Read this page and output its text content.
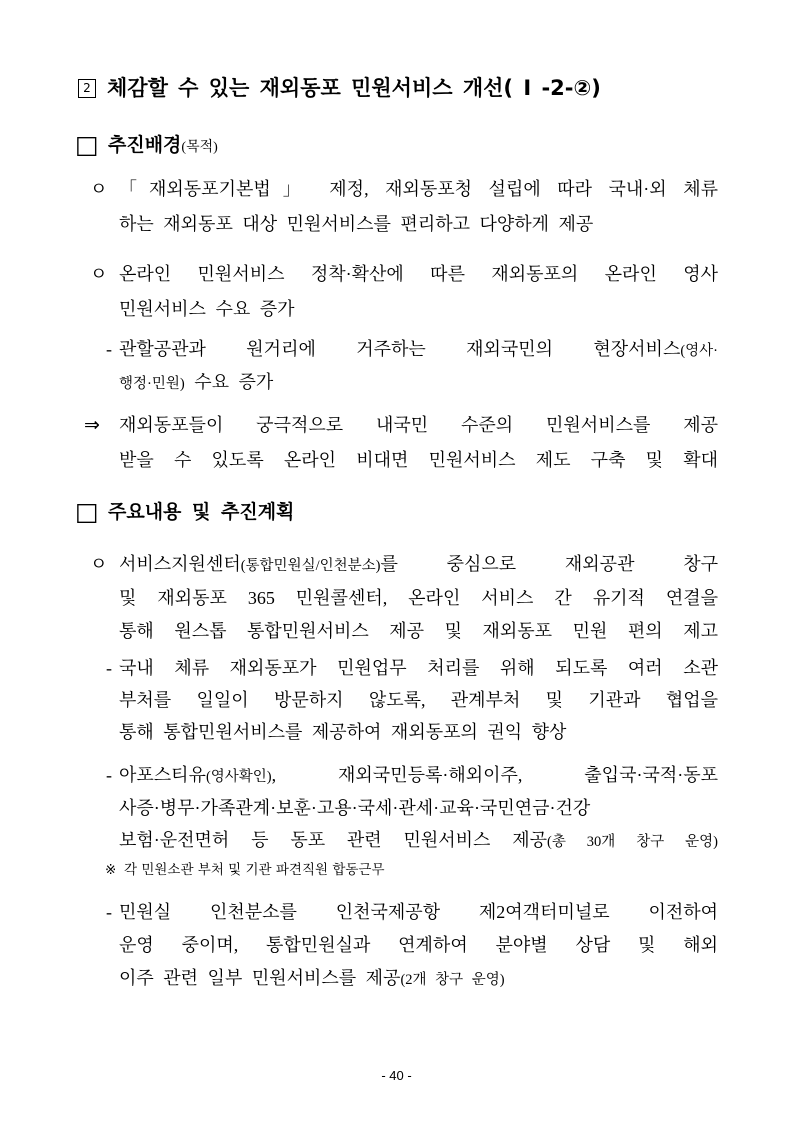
2 체감할 수 있는 재외동포 민원서비스 개선( Ⅰ -2-②)
□ 추진배경(목적)
ㅇ 「재외동포기본법」 제정, 재외동포청 설립에 따라 국내·외 체류
하는 재외동포 대상 민원서비스를 편리하고 다양하게 제공
ㅇ 온라인 민원서비스 정착·확산에 따른 재외동포의 온라인 영사
민원서비스 수요 증가
- 관할공관과 원거리에 거주하는 재외국민의 현장서비스(영사·
행정·민원) 수요 증가
⇒ 재외동포들이 궁극적으로 내국민 수준의 민원서비스를 제공
받을 수 있도록 온라인 비대면 민원서비스 제도 구축 및 확대
□ 주요내용 및 추진계획
ㅇ 서비스지원센터(통합민원실/인천분소)를 중심으로 재외공관 창구
및 재외동포 365 민원콜센터, 온라인 서비스 간 유기적 연결을
통해 원스톱 통합민원서비스 제공 및 재외동포 민원 편의 제고
- 국내 체류 재외동포가 민원업무 처리를 위해 되도록 여러 소관
부처를 일일이 방문하지 않도록, 관계부처 및 기관과 협업을
통해 통합민원서비스를 제공하여 재외동포의 권익 향상
- 아포스티유(영사확인), 재외국민등록·해외이주, 출입국·국적·동포
사증·병무·가족관계·보훈·고용·국세·관세·교육·국민연금·건강
보험·운전면허 등 동포 관련 민원서비스 제공(총 30개 창구 운영)
※ 각 민원소관 부처 및 기관 파견직원 합동근무
- 민원실 인천분소를 인천국제공항 제2여객터미널로 이전하여
운영 중이며, 통합민원실과 연계하여 분야별 상담 및 해외
이주 관련 일부 민원서비스를 제공(2개 창구 운영)
- 40 -
